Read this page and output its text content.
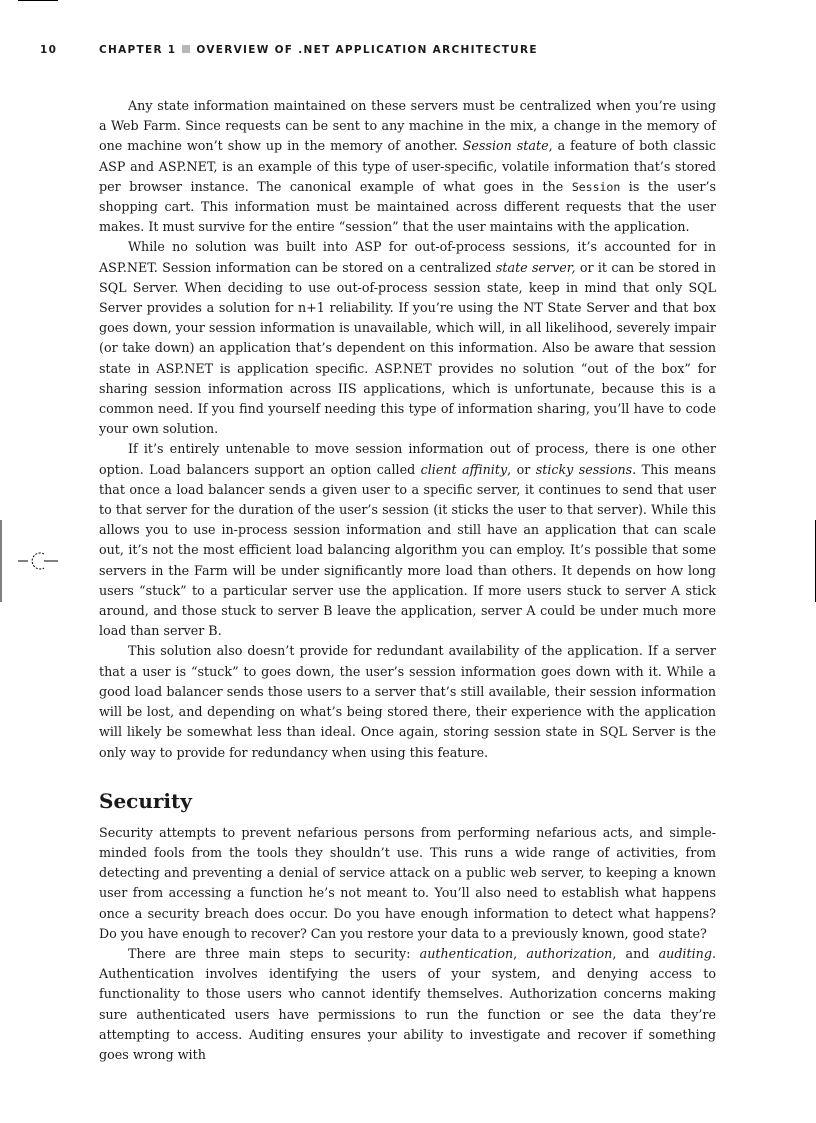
10	CHAPTER 1 OVERVIEW OF .NET APPLICATION ARCHITECTURE

Any state information maintained on these servers must be centralized when you’re using a Web Farm. Since requests can be sent to any machine in the mix, a change in the memory of one machine won’t show up in the memory of another. Session state, a feature of both classic ASP and ASP.NET, is an example of this type of user-specific, volatile information that’s stored per browser instance. The canonical example of what goes in the Session is the user’s shopping cart. This information must be maintained across different requests that the user makes. It must survive for the entire “session” that the user maintains with the application.

While no solution was built into ASP for out-of-process sessions, it’s accounted for in ASP.NET. Session information can be stored on a centralized state server, or it can be stored in SQL Server. When deciding to use out-of-process session state, keep in mind that only SQL Server provides a solution for n+1 reliability. If you’re using the NT State Server and that box goes down, your session information is unavailable, which will, in all likelihood, severely impair (or take down) an application that’s dependent on this information. Also be aware that session state in ASP.NET is application specific. ASP.NET provides no solution “out of the box” for sharing session information across IIS applications, which is unfortunate, because this is a common need. If you find yourself needing this type of information sharing, you’ll have to code your own solution.

If it’s entirely untenable to move session information out of process, there is one other option. Load balancers support an option called client affinity, or sticky sessions. This means that once a load balancer sends a given user to a specific server, it continues to send that user to that server for the duration of the user’s session (it sticks the user to that server). While this allows you to use in-process session information and still have an application that can scale out, it’s not the most efficient load balancing algorithm you can employ. It’s possible that some servers in the Farm will be under significantly more load than others. It depends on how long users “stuck” to a particular server use the application. If more users stuck to server A stick around, and those stuck to server B leave the application, server A could be under much more load than server B.

This solution also doesn’t provide for redundant availability of the application. If a server that a user is “stuck” to goes down, the user’s session information goes down with it. While a good load balancer sends those users to a server that’s still available, their session information will be lost, and depending on what’s being stored there, their experience with the application will likely be somewhat less than ideal. Once again, storing session state in SQL Server is the only way to provide for redundancy when using this feature.

Security

Security attempts to prevent nefarious persons from performing nefarious acts, and simple-minded fools from the tools they shouldn’t use. This runs a wide range of activities, from detecting and preventing a denial of service attack on a public web server, to keeping a known user from accessing a function he’s not meant to. You’ll also need to establish what happens once a security breach does occur. Do you have enough information to detect what happens? Do you have enough to recover? Can you restore your data to a previously known, good state?

There are three main steps to security: authentication, authorization, and auditing. Authentication involves identifying the users of your system, and denying access to functionality to those users who cannot identify themselves. Authorization concerns making sure authenticated users have permissions to run the function or see the data they’re attempting to access. Auditing ensures your ability to investigate and recover if something goes wrong with
